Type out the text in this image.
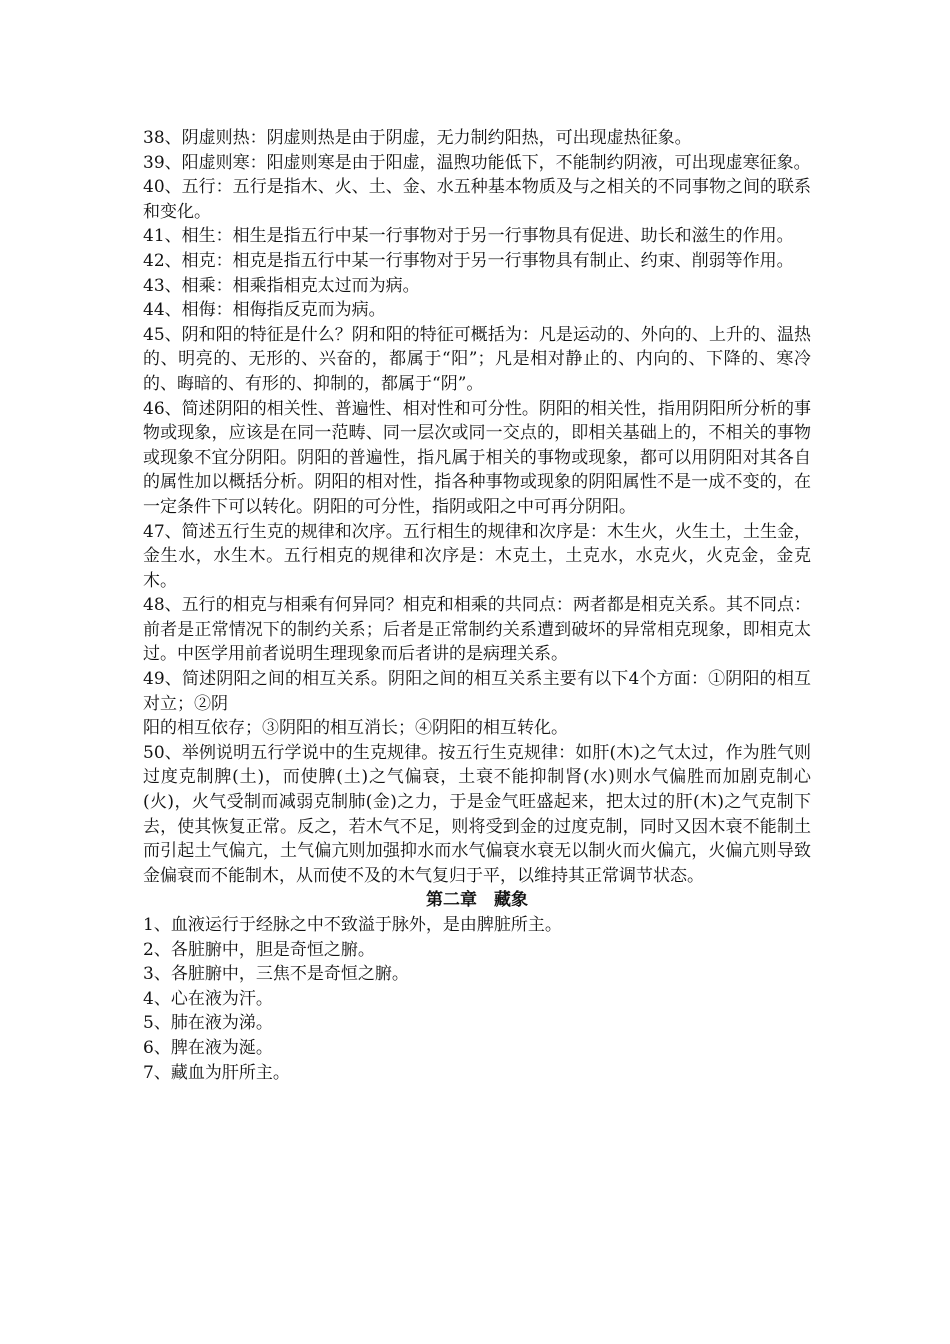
38、阴虚则热：阴虚则热是由于阴虚，无力制约阳热，可出现虚热征象。

39、阳虚则寒：阳虚则寒是由于阳虚，温煦功能低下，不能制约阴液，可出现虚寒征象。

40、五行：五行是指木、火、土、金、水五种基本物质及与之相关的不同事物之间的联系和变化。

41、相生：相生是指五行中某一行事物对于另一行事物具有促进、助长和滋生的作用。

42、相克：相克是指五行中某一行事物对于另一行事物具有制止、约束、削弱等作用。

43、相乘：相乘指相克太过而为病。

44、相侮：相侮指反克而为病。

45、阴和阳的特征是什么？阴和阳的特征可概括为：凡是运动的、外向的、上升的、温热的、明亮的、无形的、兴奋的，都属于“阳”；凡是相对静止的、内向的、下降的、寒冷的、晦暗的、有形的、抑制的，都属于“阴”。

46、简述阴阳的相关性、普遍性、相对性和可分性。阴阳的相关性，指用阴阳所分析的事物或现象，应该是在同一范畴、同一层次或同一交点的，即相关基础上的，不相关的事物或现象不宜分阴阳。阴阳的普遍性，指凡属于相关的事物或现象，都可以用阴阳对其各自的属性加以概括分析。阴阳的相对性，指各种事物或现象的阴阳属性不是一成不变的，在一定条件下可以转化。阴阳的可分性，指阴或阳之中可再分阴阳。

47、简述五行生克的规律和次序。五行相生的规律和次序是：木生火，火生土，土生金，金生水，水生木。五行相克的规律和次序是：木克土，土克水，水克火，火克金，金克木。

48、五行的相克与相乘有何异同？相克和相乘的共同点：两者都是相克关系。其不同点：前者是正常情况下的制约关系；后者是正常制约关系遭到破坏的异常相克现象，即相克太过。中医学用前者说明生理现象而后者讲的是病理关系。

49、简述阴阳之间的相互关系。阴阳之间的相互关系主要有以下4个方面：①阴阳的相互对立；②阴

阳的相互依存；③阴阳的相互消长；④阴阳的相互转化。

50、举例说明五行学说中的生克规律。按五行生克规律：如肝(木)之气太过，作为胜气则过度克制脾(土)，而使脾(土)之气偏衰，土衰不能抑制肾(水)则水气偏胜而加剧克制心(火)，火气受制而减弱克制肺(金)之力，于是金气旺盛起来，把太过的肝(木)之气克制下去，使其恢复正常。反之，若木气不足，则将受到金的过度克制，同时又因木衰不能制土而引起土气偏亢，土气偏亢则加强抑水而水气偏衰水衰无以制火而火偏亢，火偏亢则导致金偏衰而不能制木，从而使不及的木气复归于平，以维持其正常调节状态。

第二章　藏象

1、血液运行于经脉之中不致溢于脉外，是由脾脏所主。

2、各脏腑中，胆是奇恒之腑。

3、各脏腑中，三焦不是奇恒之腑。

4、心在液为汗。

5、肺在液为涕。

6、脾在液为涎。

7、藏血为肝所主。
